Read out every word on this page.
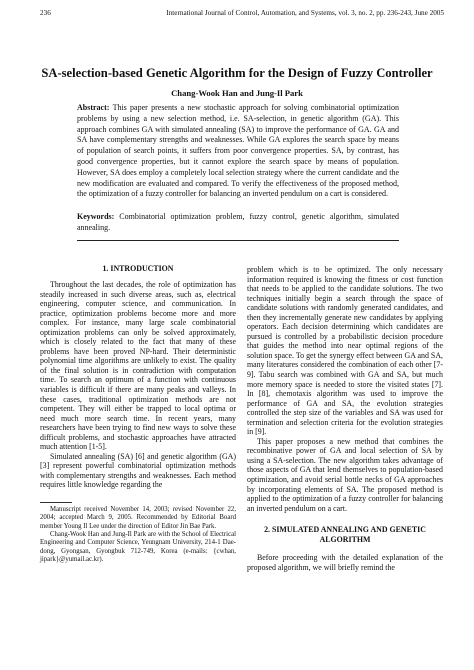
236	International Journal of Control, Automation, and Systems, vol. 3, no. 2, pp. 236-243, June 2005
SA-selection-based Genetic Algorithm for the Design of Fuzzy Controller
Chang-Wook Han and Jung-Il Park

Abstract: This paper presents a new stochastic approach for solving combinatorial optimization problems by using a new selection method, i.e. SA-selection, in genetic algorithm (GA). This approach combines GA with simulated annealing (SA) to improve the performance of GA. GA and SA have complementary strengths and weaknesses. While GA explores the search space by means of population of search points, it suffers from poor convergence properties. SA, by contrast, has good convergence properties, but it cannot explore the search space by means of population. However, SA does employ a completely local selection strategy where the current candidate and the new modification are evaluated and compared. To verify the effectiveness of the proposed method, the optimization of a fuzzy controller for balancing an inverted pendulum on a cart is considered.

Keywords: Combinatorial optimization problem, fuzzy control, genetic algorithm, simulated annealing.

1. INTRODUCTION

Throughout the last decades, the role of optimization has steadily increased in such diverse areas, such as, electrical engineering, computer science, and communication. In practice, optimization problems become more and more complex. For instance, many large scale combinatorial optimization problems can only be solved approximately, which is closely related to the fact that many of these problems have been proved NP-hard. Their deterministic polynomial time algorithms are unlikely to exist. The quality of the final solution is in contradiction with computation time. To search an optimum of a function with continuous variables is difficult if there are many peaks and valleys. In these cases, traditional optimization methods are not competent. They will either be trapped to local optima or need much more search time. In recent years, many researchers have been trying to find new ways to solve these difficult problems, and stochastic approaches have attracted much attention [1-5].

Simulated annealing (SA) [6] and genetic algorithm (GA) [3] represent powerful combinatorial optimization methods with complementary strengths and weaknesses. Each method requires little knowledge regarding the

Manuscript received November 14, 2003; revised November 22, 2004; accepted March 9, 2005. Recommended by Editorial Board member Young Il Lee under the direction of Editor Jin Bae Park.

Chang-Wook Han and Jung-Il Park are with the School of Electrical Engineering and Computer Science, Yeungnam University, 214-1 Dae-dong, Gyongsan, Gyongbuk 712-749, Korea (e-mails: {cwhan, jipark}@yumail.ac.kr).

problem which is to be optimized. The only necessary information required is knowing the fitness or cost function that needs to be applied to the candidate solutions. The two techniques initially begin a search through the space of candidate solutions with randomly generated candidates, and then they incrementally generate new candidates by applying operators. Each decision determining which candidates are pursued is controlled by a probabilistic decision procedure that guides the method into near optimal regions of the solution space. To get the synergy effect between GA and SA, many literatures considered the combination of each other [7-9]. Tabu search was combined with GA and SA, but much more memory space is needed to store the visited states [7]. In [8], chemotaxis algorithm was used to improve the performance of GA and SA, the evolution strategies controlled the step size of the variables and SA was used for termination and selection criteria for the evolution strategies in [9].

This paper proposes a new method that combines the recombinative power of GA and local selection of SA by using a SA-selection. The new algorithm takes advantage of those aspects of GA that lend themselves to population-based optimization, and avoid serial bottle necks of GA approaches by incorporating elements of SA. The proposed method is applied to the optimization of a fuzzy controller for balancing an inverted pendulum on a cart.

2. SIMULATED ANNEALING AND GENETIC ALGORITHM

Before proceeding with the detailed explanation of the proposed algorithm, we will briefly remind the
